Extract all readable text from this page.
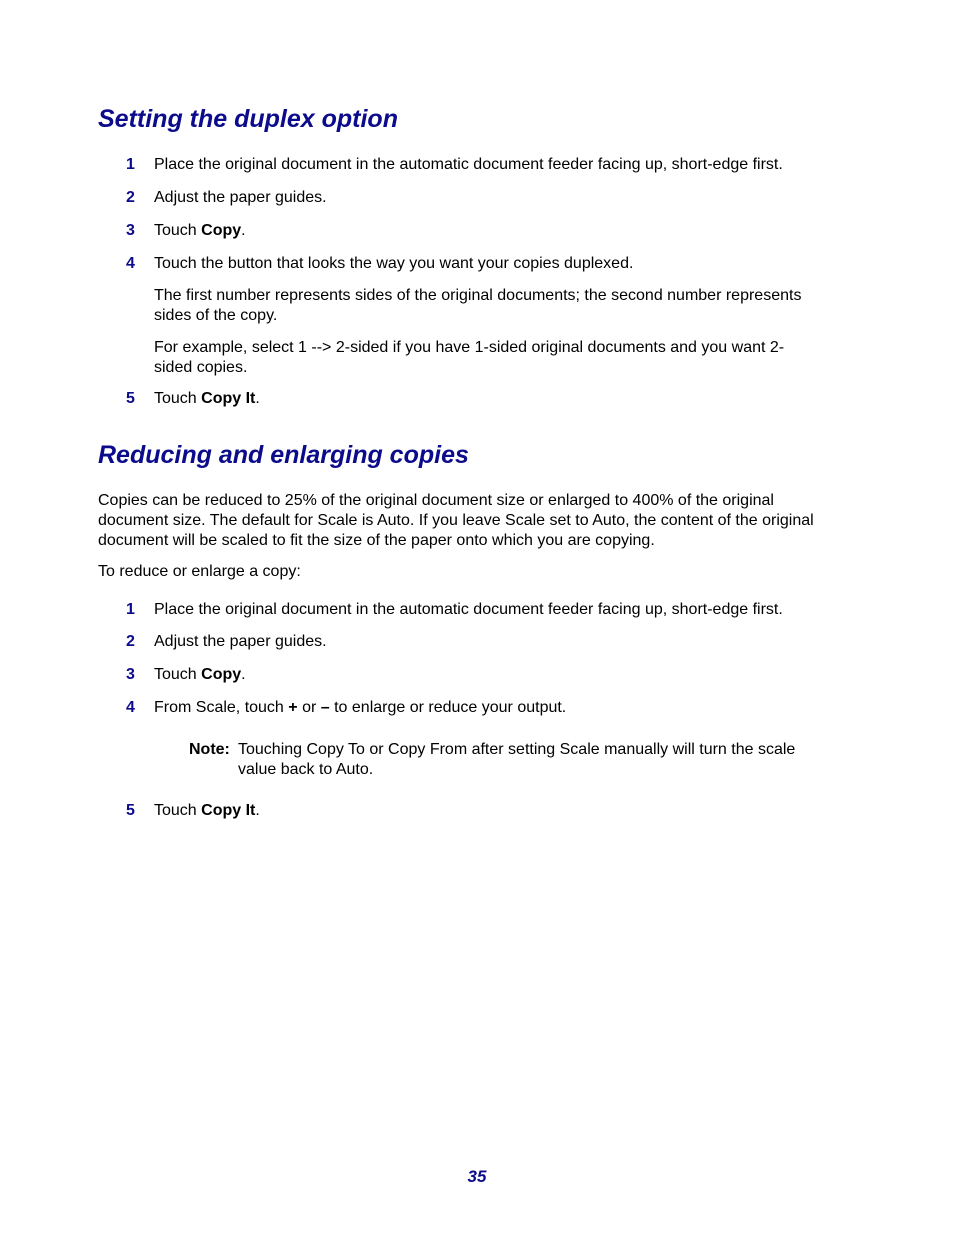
Setting the duplex option
1	Place the original document in the automatic document feeder facing up, short-edge first.
2	Adjust the paper guides.
3	Touch Copy.
4	Touch the button that looks the way you want your copies duplexed.
The first number represents sides of the original documents; the second number represents
sides of the copy.
For example, select 1 --> 2-sided if you have 1-sided original documents and you want 2-
sided copies.
5	Touch Copy It.
Reducing and enlarging copies
Copies can be reduced to 25% of the original document size or enlarged to 400% of the original
document size. The default for Scale is Auto. If you leave Scale set to Auto, the content of the original
document will be scaled to fit the size of the paper onto which you are copying.
To reduce or enlarge a copy:
1	Place the original document in the automatic document feeder facing up, short-edge first.
2	Adjust the paper guides.
3	Touch Copy.
4	From Scale, touch + or – to enlarge or reduce your output.
Note: Touching Copy To or Copy From after setting Scale manually will turn the scale
value back to Auto.
5	Touch Copy It.
35
